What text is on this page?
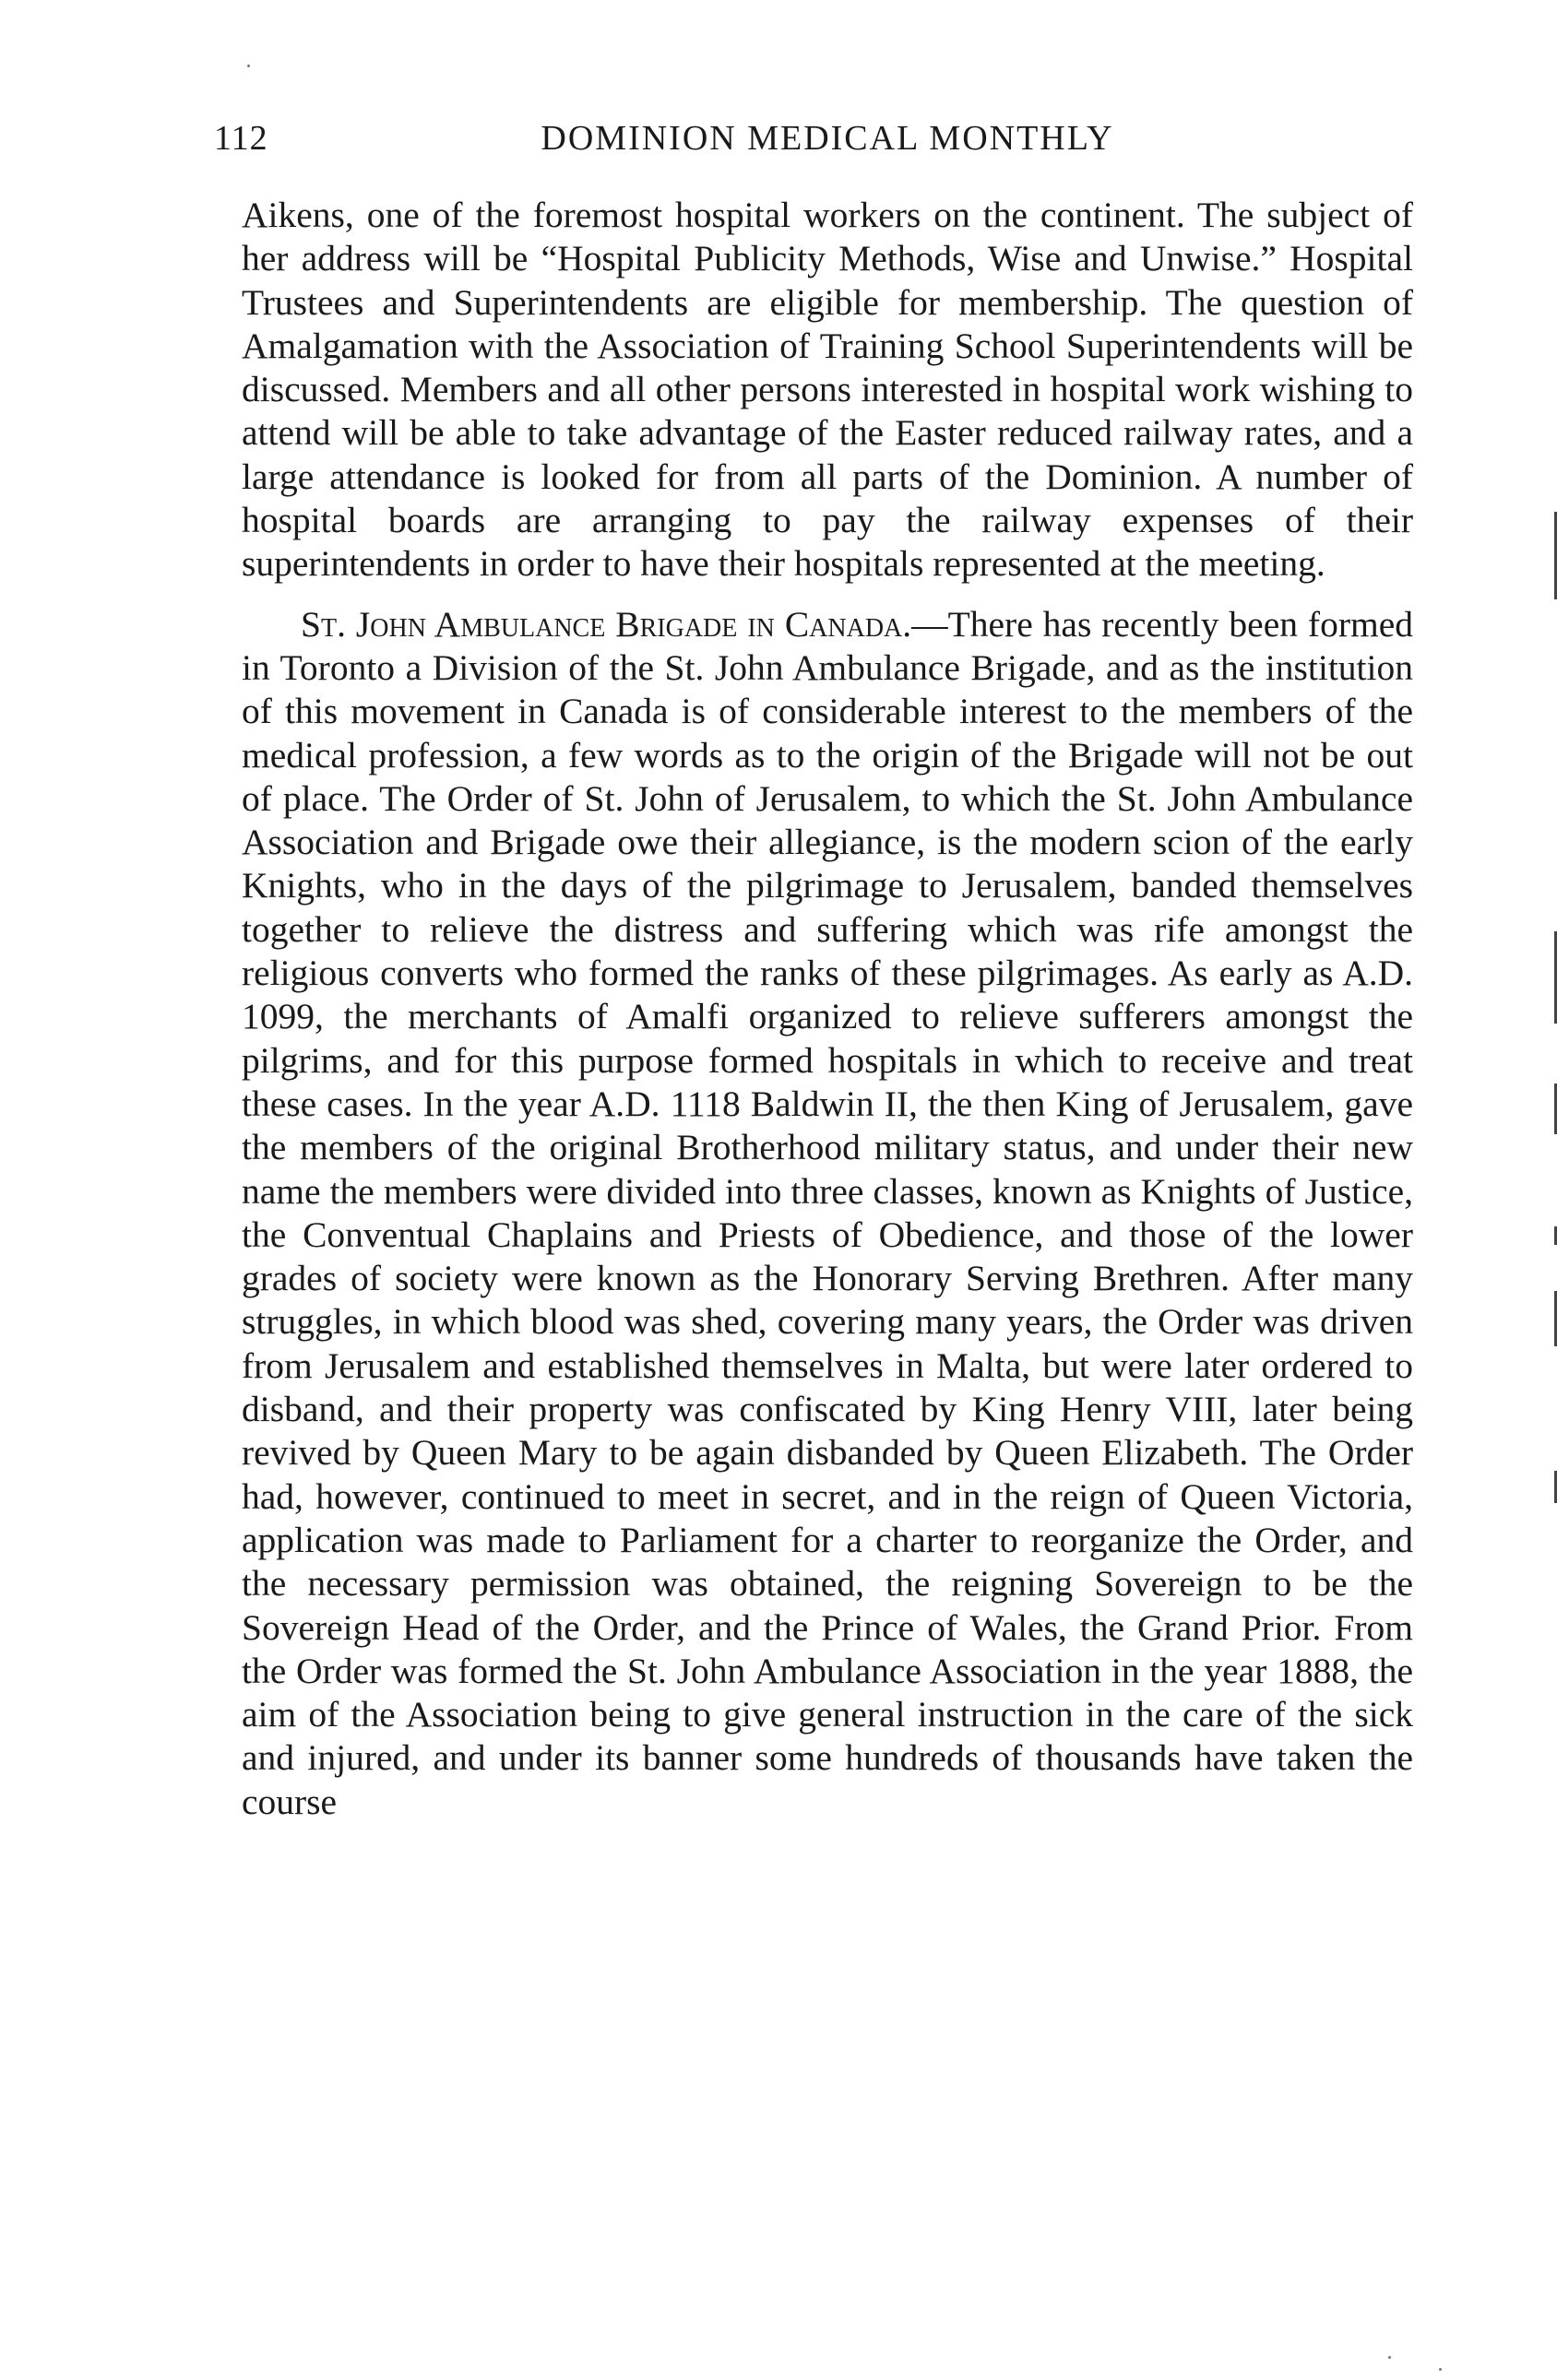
112	DOMINION MEDICAL MONTHLY

Aikens, one of the foremost hospital workers on the continent. The subject of her address will be “Hospital Publicity Methods, Wise and Unwise.” Hospital Trustees and Superintendents are eligible for membership. The question of Amalgamation with the Association of Training School Superintendents will be discussed. Members and all other persons interested in hospital work wishing to attend will be able to take advantage of the Easter reduced railway rates, and a large attendance is looked for from all parts of the Dominion. A number of hospital boards are arranging to pay the railway expenses of their superintendents in order to have their hospitals represented at the meeting.

St. John Ambulance Brigade in Canada.—There has recently been formed in Toronto a Division of the St. John Ambulance Brigade, and as the institution of this movement in Canada is of considerable interest to the members of the medical profession, a few words as to the origin of the Brigade will not be out of place. The Order of St. John of Jerusalem, to which the St. John Ambulance Association and Brigade owe their allegiance, is the modern scion of the early Knights, who in the days of the pilgrimage to Jerusalem, banded themselves together to relieve the distress and suffering which was rife amongst the religious converts who formed the ranks of these pilgrimages. As early as A.D. 1099, the merchants of Amalfi organized to relieve sufferers amongst the pilgrims, and for this purpose formed hospitals in which to receive and treat these cases. In the year A.D. 1118 Baldwin II, the then King of Jerusalem, gave the members of the original Brotherhood military status, and under their new name the members were divided into three classes, known as Knights of Justice, the Conventual Chaplains and Priests of Obedience, and those of the lower grades of society were known as the Honorary Serving Brethren. After many struggles, in which blood was shed, covering many years, the Order was driven from Jerusalem and established themselves in Malta, but were later ordered to disband, and their property was confiscated by King Henry VIII, later being revived by Queen Mary to be again disbanded by Queen Elizabeth. The Order had, however, continued to meet in secret, and in the reign of Queen Victoria, application was made to Parliament for a charter to reorganize the Order, and the necessary permission was obtained, the reigning Sovereign to be the Sovereign Head of the Order, and the Prince of Wales, the Grand Prior. From the Order was formed the St. John Ambulance Association in the year 1888, the aim of the Association being to give general instruction in the care of the sick and injured, and under its banner some hundreds of thousands have taken the course
